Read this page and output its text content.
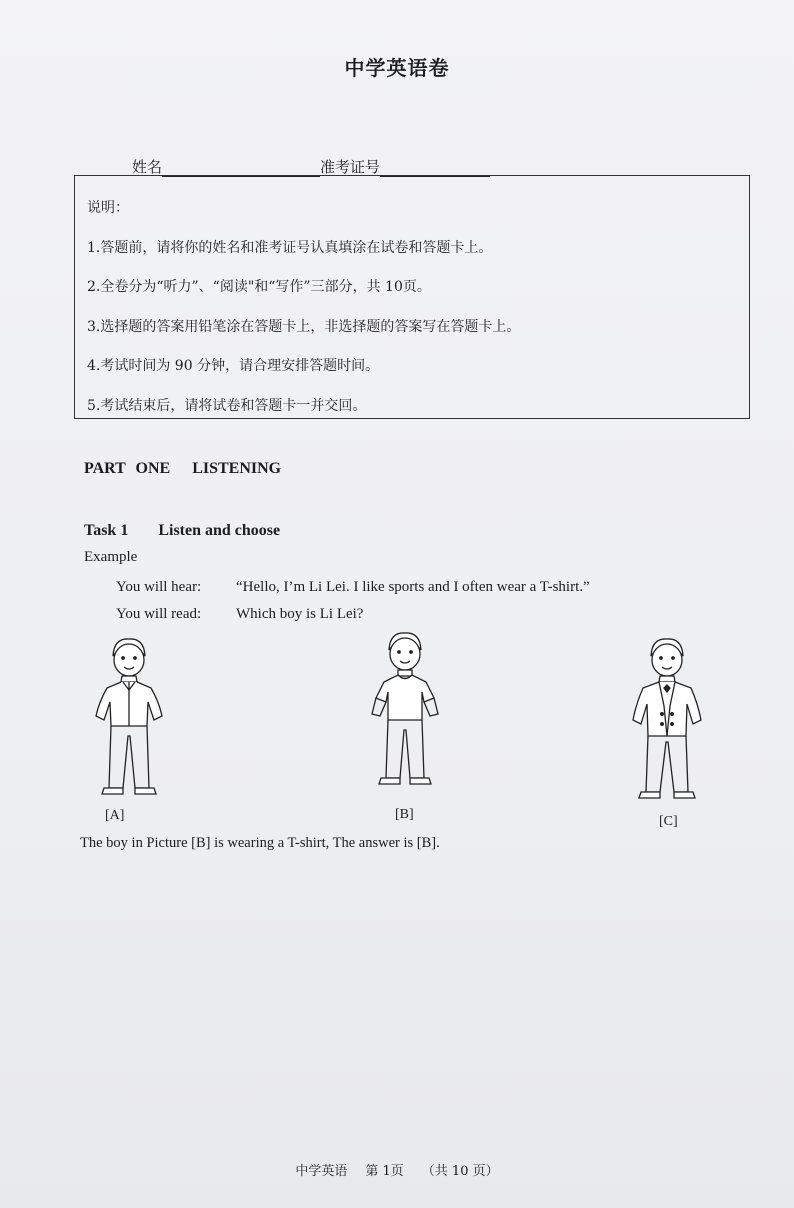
中学英语卷
姓名	准考证号
说明：
1.答题前，请将你的姓名和准考证号认真填涂在试卷和答题卡上。
2.全卷分为“听力”、“阅读"和“写作”三部分，共 10页。
3.选择题的答案用铅笔涂在答题卡上，非选择题的答案写在答题卡上。
4.考试时间为 90 分钟，请合理安排答题时间。
5.考试结束后，请将试卷和答题卡一并交回。
PART ONE LISTENING
Task 1 Listen and choose
Example
You will hear: “Hello, I’m Li Lei. I like sports and I often wear a T-shirt.”
You will read: Which boy is Li Lei?
[A]	[B]	[C]
The boy in Picture [B] is wearing a T-shirt, The answer is [B].
中学英语 第 1页 （共 10 页）
